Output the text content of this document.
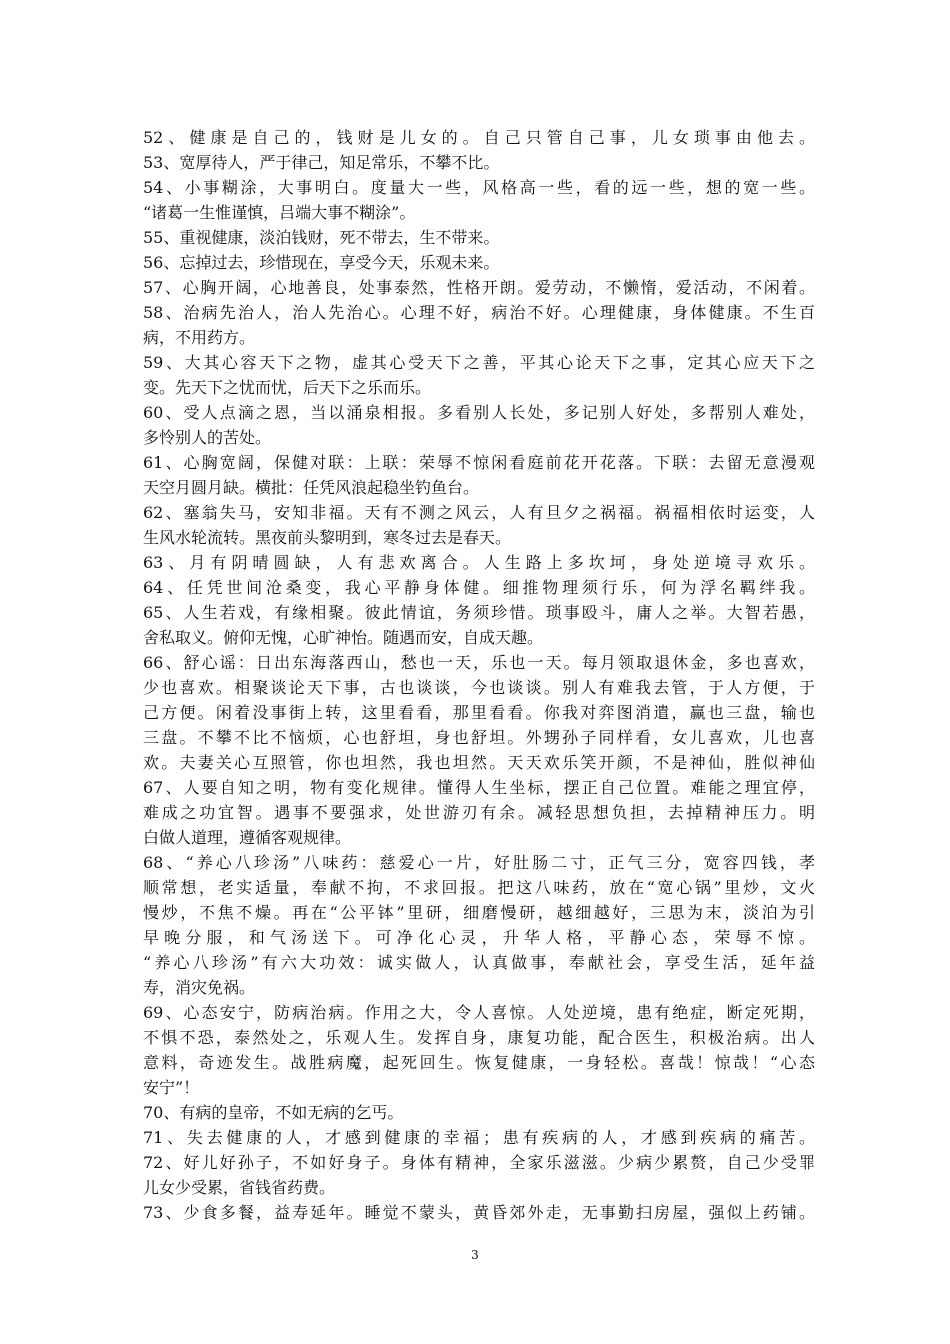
52、健康是自己的，钱财是儿女的。自己只管自己事，儿女琐事由他去。
53、宽厚待人，严于律己，知足常乐，不攀不比。
54、小事糊涂，大事明白。度量大一些，风格高一些，看的远一些，想的宽一些。
“诸葛一生惟谨慎，吕端大事不糊涂”。
55、重视健康，淡泊钱财，死不带去，生不带来。
56、忘掉过去，珍惜现在，享受今天，乐观未来。
57、心胸开阔，心地善良，处事泰然，性格开朗。爱劳动，不懒惰，爱活动，不闲着。
58、治病先治人，治人先治心。心理不好，病治不好。心理健康，身体健康。不生百
病，不用药方。
59、大其心容天下之物，虚其心受天下之善，平其心论天下之事，定其心应天下之
变。先天下之忧而忧，后天下之乐而乐。
60、受人点滴之恩，当以涌泉相报。多看别人长处，多记别人好处，多帮别人难处，
多怜别人的苦处。
61、心胸宽阔，保健对联：上联：荣辱不惊闲看庭前花开花落。下联：去留无意漫观
天空月圆月缺。横批：任凭风浪起稳坐钓鱼台。
62、塞翁失马，安知非福。天有不测之风云，人有旦夕之祸福。祸福相依时运变，人
生风水轮流转。黑夜前头黎明到，寒冬过去是春天。
63、月有阴晴圆缺，人有悲欢离合。人生路上多坎坷，身处逆境寻欢乐。
64、任凭世间沧桑变，我心平静身体健。细推物理须行乐，何为浮名羁绊我。
65、人生若戏，有缘相聚。彼此情谊，务须珍惜。琐事殴斗，庸人之举。大智若愚，
舍私取义。俯仰无愧，心旷神怡。随遇而安，自成天趣。
66、舒心谣：日出东海落西山，愁也一天，乐也一天。每月领取退休金，多也喜欢，
少也喜欢。相聚谈论天下事，古也谈谈，今也谈谈。别人有难我去管，于人方便，于
己方便。闲着没事街上转，这里看看，那里看看。你我对弈图消遣，赢也三盘，输也
三盘。不攀不比不恼烦，心也舒坦，身也舒坦。外甥孙子同样看，女儿喜欢，儿也喜
欢。夫妻关心互照管，你也坦然，我也坦然。天天欢乐笑开颜，不是神仙，胜似神仙
67、人要自知之明，物有变化规律。懂得人生坐标，摆正自己位置。难能之理宜停，
难成之功宜智。遇事不要强求，处世游刃有余。减轻思想负担，去掉精神压力。明
白做人道理，遵循客观规律。
68、“养心八珍汤”八味药：慈爱心一片，好肚肠二寸，正气三分，宽容四钱，孝
顺常想，老实适量，奉献不拘，不求回报。把这八味药，放在“宽心锅”里炒，文火
慢炒，不焦不燥。再在“公平钵”里研，细磨慢研，越细越好，三思为末，淡泊为引
早晚分服，和气汤送下。可净化心灵，升华人格，平静心态，荣辱不惊。
“养心八珍汤”有六大功效：诚实做人，认真做事，奉献社会，享受生活，延年益
寿，消灾免祸。
69、心态安宁，防病治病。作用之大，令人喜惊。人处逆境，患有绝症，断定死期，
不惧不恐，泰然处之，乐观人生。发挥自身，康复功能，配合医生，积极治病。出人
意料，奇迹发生。战胜病魔，起死回生。恢复健康，一身轻松。喜哉！惊哉！“心态
安宁”！
70、有病的皇帝，不如无病的乞丐。
71、失去健康的人，才感到健康的幸福；患有疾病的人，才感到疾病的痛苦。
72、好儿好孙子，不如好身子。身体有精神，全家乐滋滋。少病少累赘，自己少受罪
儿女少受累，省钱省药费。
73、少食多餐，益寿延年。睡觉不蒙头，黄昏郊外走，无事勤扫房屋，强似上药铺。
3
